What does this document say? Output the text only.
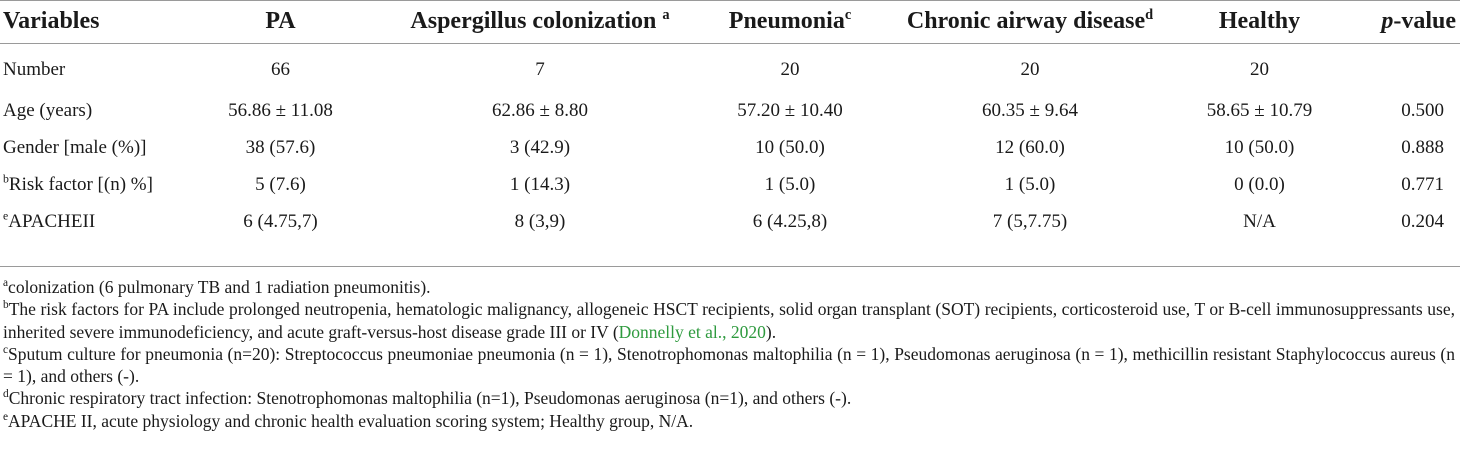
Variables	PA	Aspergillus colonization $^a$	Pneumonia$^c$	Chronic airway disease$^d$	Healthy	p-value
Number	66	7	20	20	20	
Age (years)	56.86 ± 11.08	62.86 ± 8.80	57.20 ± 10.40	60.35 ± 9.64	58.65 ± 10.79	0.500
Gender [male (%)]	38 (57.6)	3 (42.9)	10 (50.0)	12 (60.0)	10 (50.0)	0.888
$^b$Risk factor [(n) %]	5 (7.6)	1 (14.3)	1 (5.0)	1 (5.0)	0 (0.0)	0.771
$^e$APACHEII	6 (4.75,7)	8 (3,9)	6 (4.25,8)	7 (5,7.75)	N/A	0.204

$^a$colonization (6 pulmonary TB and 1 radiation pneumonitis).

$^b$The risk factors for PA include prolonged neutropenia, hematologic malignancy, allogeneic HSCT recipients, solid organ transplant (SOT) recipients, corticosteroid use, T or B-cell immunosuppressants use, inherited severe immunodeficiency, and acute graft-versus-host disease grade III or IV (Donnelly et al., 2020).

$^c$Sputum culture for pneumonia (n=20): Streptococcus pneumoniae pneumonia (n = 1), Stenotrophomonas maltophilia (n = 1), Pseudomonas aeruginosa (n = 1), methicillin resistant Staphylococcus aureus (n = 1), and others (-).

$^d$Chronic respiratory tract infection: Stenotrophomonas maltophilia (n=1), Pseudomonas aeruginosa (n=1), and others (-).

$^e$APACHE II, acute physiology and chronic health evaluation scoring system; Healthy group, N/A.
